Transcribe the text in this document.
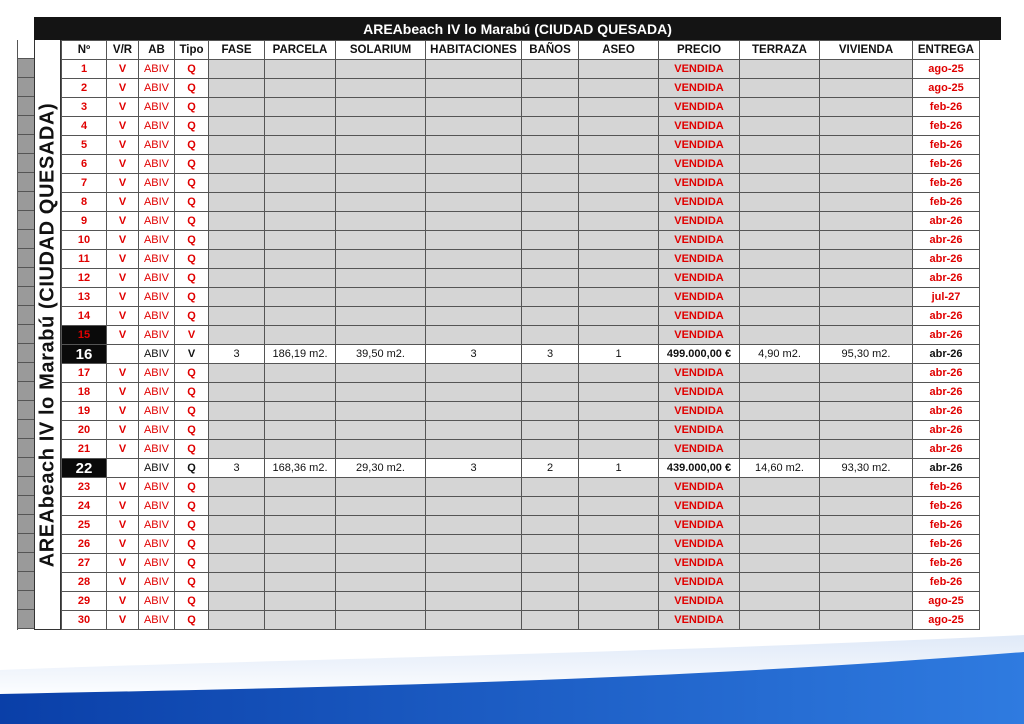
AREAbeach IV lo Marabú (CIUDAD QUESADA)
AREAbeach IV lo Marabú (CIUDAD QUESADA)
Nº	V/R	AB	Tipo	FASE	PARCELA	SOLARIUM	HABITACIONES	BAÑOS	ASEO	PRECIO	TERRAZA	VIVIENDA	ENTREGA
1	V	ABIV	Q							VENDIDA			ago-25
2	V	ABIV	Q							VENDIDA			ago-25
3	V	ABIV	Q							VENDIDA			feb-26
4	V	ABIV	Q							VENDIDA			feb-26
5	V	ABIV	Q							VENDIDA			feb-26
6	V	ABIV	Q							VENDIDA			feb-26
7	V	ABIV	Q							VENDIDA			feb-26
8	V	ABIV	Q							VENDIDA			feb-26
9	V	ABIV	Q							VENDIDA			abr-26
10	V	ABIV	Q							VENDIDA			abr-26
11	V	ABIV	Q							VENDIDA			abr-26
12	V	ABIV	Q							VENDIDA			abr-26
13	V	ABIV	Q							VENDIDA			jul-27
14	V	ABIV	Q							VENDIDA			abr-26
15	V	ABIV	V							VENDIDA			abr-26
16		ABIV	V	3	186,19 m2.	39,50 m2.	3	3	1	499.000,00 €	4,90 m2.	95,30 m2.	abr-26
17	V	ABIV	Q							VENDIDA			abr-26
18	V	ABIV	Q							VENDIDA			abr-26
19	V	ABIV	Q							VENDIDA			abr-26
20	V	ABIV	Q							VENDIDA			abr-26
21	V	ABIV	Q							VENDIDA			abr-26
22		ABIV	Q	3	168,36 m2.	29,30 m2.	3	2	1	439.000,00 €	14,60 m2.	93,30 m2.	abr-26
23	V	ABIV	Q							VENDIDA			feb-26
24	V	ABIV	Q							VENDIDA			feb-26
25	V	ABIV	Q							VENDIDA			feb-26
26	V	ABIV	Q							VENDIDA			feb-26
27	V	ABIV	Q							VENDIDA			feb-26
28	V	ABIV	Q							VENDIDA			feb-26
29	V	ABIV	Q							VENDIDA			ago-25
30	V	ABIV	Q							VENDIDA			ago-25
